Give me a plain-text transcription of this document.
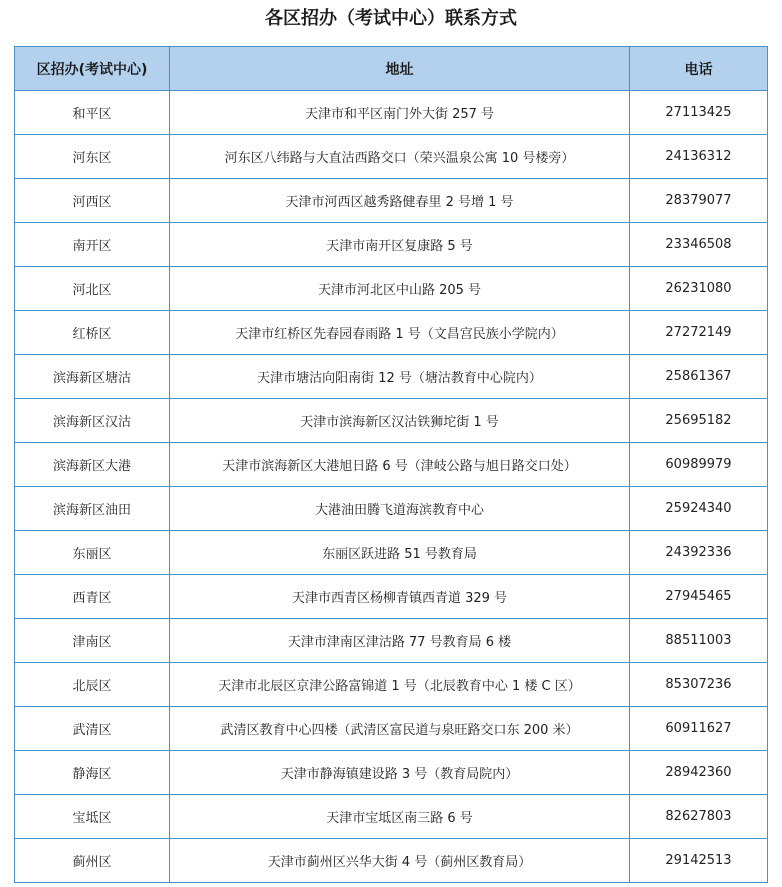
各区招办（考试中心）联系方式
区招办(考试中心)	地址	电话
和平区	天津市和平区南门外大街 257 号	27113425
河东区	河东区八纬路与大直沽西路交口（荣兴温泉公寓 10 号楼旁）	24136312
河西区	天津市河西区越秀路健春里 2 号增 1 号	28379077
南开区	天津市南开区复康路 5 号	23346508
河北区	天津市河北区中山路 205 号	26231080
红桥区	天津市红桥区先春园春雨路 1 号（文昌宫民族小学院内）	27272149
滨海新区塘沽	天津市塘沽向阳南街 12 号（塘沽教育中心院内）	25861367
滨海新区汉沽	天津市滨海新区汉沽铁狮坨街 1 号	25695182
滨海新区大港	天津市滨海新区大港旭日路 6 号（津岐公路与旭日路交口处）	60989979
滨海新区油田	大港油田腾飞道海滨教育中心	25924340
东丽区	东丽区跃进路 51 号教育局	24392336
西青区	天津市西青区杨柳青镇西青道 329 号	27945465
津南区	天津市津南区津沽路 77 号教育局 6 楼	88511003
北辰区	天津市北辰区京津公路富锦道 1 号（北辰教育中心 1 楼 C 区）	85307236
武清区	武清区教育中心四楼（武清区富民道与泉旺路交口东 200 米）	60911627
静海区	天津市静海镇建设路 3 号（教育局院内）	28942360
宝坻区	天津市宝坻区南三路 6 号	82627803
蓟州区	天津市蓟州区兴华大街 4 号（蓟州区教育局）	29142513
